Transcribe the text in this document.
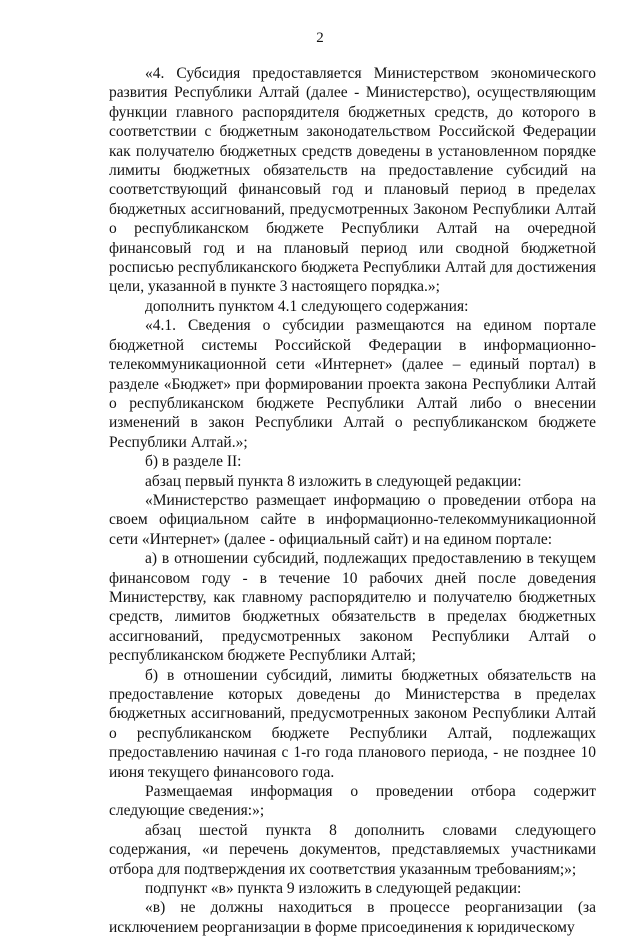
2

«4. Субсидия предоставляется Министерством экономического развития Республики Алтай (далее - Министерство), осуществляющим функции главного распорядителя бюджетных средств, до которого в соответствии с бюджетным законодательством Российской Федерации как получателю бюджетных средств доведены в установленном порядке лимиты бюджетных обязательств на предоставление субсидий на соответствующий финансовый год и плановый период в пределах бюджетных ассигнований, предусмотренных Законом Республики Алтай о республиканском бюджете Республики Алтай на очередной финансовый год и на плановый период или сводной бюджетной росписью республиканского бюджета Республики Алтай для достижения цели, указанной в пункте 3 настоящего порядка.»;

дополнить пунктом 4.1 следующего содержания:

«4.1. Сведения о субсидии размещаются на едином портале бюджетной системы Российской Федерации в информационно-телекоммуникационной сети «Интернет» (далее – единый портал) в разделе «Бюджет» при формировании проекта закона Республики Алтай о республиканском бюджете Республики Алтай либо о внесении изменений в закон Республики Алтай о республиканском бюджете Республики Алтай.»;

б) в разделе II:

абзац первый пункта 8 изложить в следующей редакции:

«Министерство размещает информацию о проведении отбора на своем официальном сайте в информационно-телекоммуникационной сети «Интернет» (далее - официальный сайт) и на едином портале:

а) в отношении субсидий, подлежащих предоставлению в текущем финансовом году - в течение 10 рабочих дней после доведения Министерству, как главному распорядителю и получателю бюджетных средств, лимитов бюджетных обязательств в пределах бюджетных ассигнований, предусмотренных законом Республики Алтай о республиканском бюджете Республики Алтай;

б) в отношении субсидий, лимиты бюджетных обязательств на предоставление которых доведены до Министерства в пределах бюджетных ассигнований, предусмотренных законом Республики Алтай о республиканском бюджете Республики Алтай, подлежащих предоставлению начиная с 1-го года планового периода, - не позднее 10 июня текущего финансового года.

Размещаемая информация о проведении отбора содержит следующие сведения:»;

абзац шестой пункта 8 дополнить словами следующего содержания, «и перечень документов, представляемых участниками отбора для подтверждения их соответствия указанным требованиям;»;

подпункт «в» пункта 9 изложить в следующей редакции:

«в) не должны находиться в процессе реорганизации (за исключением реорганизации в форме присоединения к юридическому
